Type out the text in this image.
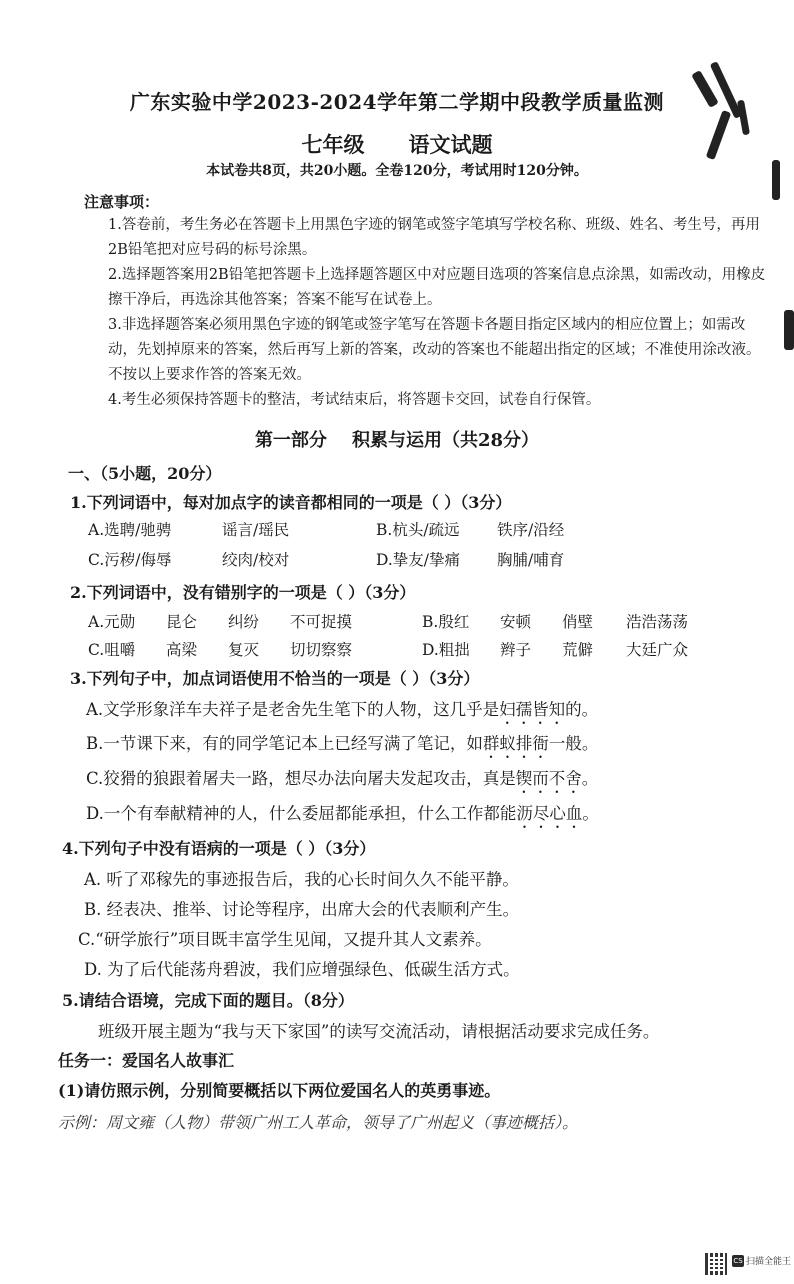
广东实验中学2023-2024学年第二学期中段教学质量监测
七年级 语文试题
本试卷共8页，共20小题。全卷120分，考试用时120分钟。
注意事项：
1.答卷前，考生务必在答题卡上用黑色字迹的钢笔或签字笔填写学校名称、班级、姓名、考生号，再用2B铅笔把对应号码的标号涂黑。
2.选择题答案用2B铅笔把答题卡上选择题答题区中对应题目选项的答案信息点涂黑，如需改动，用橡皮擦干净后，再选涂其他答案；答案不能写在试卷上。
3.非选择题答案必须用黑色字迹的钢笔或签字笔写在答题卡各题目指定区域内的相应位置上；如需改动，先划掉原来的答案，然后再写上新的答案，改动的答案也不能超出指定的区域；不准使用涂改液。不按以上要求作答的答案无效。
4.考生必须保持答题卡的整洁，考试结束后，将答题卡交回，试卷自行保管。
第一部分    积累与运用（共28分）
一、（5小题，20分）
1.下列词语中，每对加点字的读音都相同的一项是（ ）（3分）
A.选聘/驰骋	谣言/瑶民	B.杭头/疏远 铁序/沿经
C.污秽/侮辱	绞肉/校对	D.挚友/挚痛 胸脯/哺育
2.下列词语中，没有错别字的一项是（ ）（3分）
A.元勋 昆仑 纠纷 不可捉摸	B.殷红 安顿 俏壁 浩浩荡荡
C.咀嚼 高梁 复灭 切切察察	D.粗拙 辫子 荒僻 大廷广众
3.下列句子中，加点词语使用不恰当的一项是（ ）（3分）
A.文学形象洋车夫祥子是老舍先生笔下的人物，这几乎是妇孺皆知的。
B.一节课下来，有的同学笔记本上已经写满了笔记，如群蚁排衙一般。
C.狡猾的狼跟着屠夫一路，想尽办法向屠夫发起攻击，真是锲而不舍。
D.一个有奉献精神的人，什么委屈都能承担，什么工作都能沥尽心血。
4.下列句子中没有语病的一项是（ ）（3分）
A. 听了邓稼先的事迹报告后，我的心长时间久久不能平静。
B. 经表决、推举、讨论等程序，出席大会的代表顺利产生。
C.“研学旅行”项目既丰富学生见闻，又提升其人文素养。
D. 为了后代能荡舟碧波，我们应增强绿色、低碳生活方式。
5.请结合语境，完成下面的题目。（8分）
班级开展主题为“我与天下家国”的读写交流活动，请根据活动要求完成任务。
任务一：爱国名人故事汇
(1)请仿照示例，分别简要概括以下两位爱国名人的英勇事迹。
示例：周文雍（人物）带领广州工人革命，领导了广州起义（事迹概括）。
CS 扫描全能王
